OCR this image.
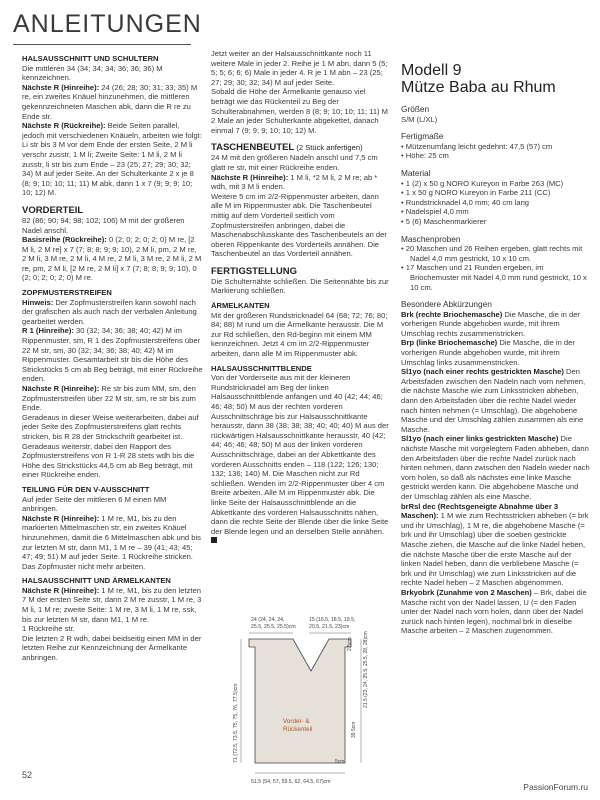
ANLEITUNGEN
HALSAUSSCHNITT UND SCHULTERN
Die mittleren 34 (34; 34; 34; 36; 36; 36) M kennzeichnen.
Nächste R (Hinreihe): 24 (26; 28; 30; 31; 33; 35) M re, ein zweites Knäuel hinzunehmen, die mittleren gekennzeichneten Maschen abk, dann die R re zu Ende str.
Nächste R (Rückreihe): Beide Seiten parallel, jedoch mit verschiedenen Knäueln, arbeiten wie folgt: Li str bis 3 M vor dem Ende der ersten Seite, 2 M li verschr zusstr, 1 M li; Zweite Seite: 1 M li, 2 M li zusstr, li str bis zum Ende – 23 (25; 27; 29; 30; 32; 34) M auf jeder Seite. An der Schulterkante 2 x je 8 (8; 9; 10; 10; 11; 11) M abk, dann 1 x 7 (9; 9; 9; 10; 10; 12) M.
VORDERTEIL
82 (86; 90; 94; 98; 102; 106) M mit der größeren Nadel anschl.
Basisreihe (Rückreihe): 0 (2; 0; 2; 0; 2; 0) M re, [2 M li, 2 M re] x 7 (7; 8; 8; 9; 9; 10), 2 M li, pm, 2 M re, 2 M li, 3 M re, 2 M li, 4 M re, 2 M li, 3 M re, 2 M li, 2 M re, pm, 2 M li, [2 M re, 2 M li] x 7 (7; 8; 8; 9; 9; 10), 0 (2; 0; 2; 0; 2; 0) M re.
ZOPFMUSTERSTREIFEN
Hinweis: Der Zopfmusterstreifen kann sowohl nach der grafischen als auch nach der verbalen Anleitung gearbeitet werden.
R 1 (Hinreihe): 30 (32; 34; 36; 38; 40; 42) M im Rippenmuster, sm, R 1 des Zopfmusterstreifens über 22 M str, sm, 30 (32; 34; 36; 38; 40; 42) M im Rippenmuster. Gesamtarbeit str bis die Höhe des Strickstücks 5 cm ab Beg beträgt, mit einer Rückreihe enden.
Nächste R (Hinreihe): Re str bis zum MM, sm, den Zopfmusterstreifen über 22 M str, sm, re str bis zum Ende.
Geradeaus in dieser Weise weiterarbeiten, dabei auf jeder Seite des Zopfmusterstreifens glatt rechts stricken, bis R 28 der Strickschrift gearbeitet ist. Geradeaus weiterstr, dabei den Rapport des Zopfmusterstreifens von R 1-R 28 stets wdh bis die Höhe des Strickstücks 44,5 cm ab Beg beträgt, mit einer Rückreihe enden.
TEILUNG FÜR DEN V-AUSSCHNITT
Auf jeder Seite der mittleren 6 M einen MM anbringen.
Nächste R (Hinreihe): 1 M re, M1, bis zu den markierten Mittelmaschen str, ein zweites Knäuel hinzunehmen, damit die 6 Mittelmaschen abk und bis zur letzten M str, dann M1, 1 M re – 39 (41; 43; 45; 47; 49; 51) M auf jeder Seite. 1 Rückreihe stricken. Das Zopfmuster nicht mehr arbeiten.
HALSAUSSCHNITT UND ÄRMELKANTEN
Nächste R (Hinreihe): 1 M re, M1, bis zu den letzten 7 M der ersten Seite str, dann 2 M re zusstr, 1 M re, 3 M li, 1 M re; zweite Seite: 1 M re, 3 M li, 1 M re, ssk, bis zur letzten M str, dann M1, 1 M re.
1 Rückreihe str.
Die letzten 2 R wdh, dabei beidseitig einen MM in der letzten Reihe zur Kennzeichnung der Ärmelkante anbringen.
Jetzt weiter an der Halsausschnittkante noch 11 weitere Male in jeder 2. Reihe je 1 M abn, dann 5 (5; 5; 5; 6; 6; 6) Male in jeder 4. R je 1 M abn – 23 (25; 27; 29; 30; 32; 34) M auf jeder Seite.
Sobald die Höhe der Ärmelkante genauso viel beträgt wie das Rückenteil zu Beg der Schulterabnahmen, werden 8 (8; 9; 10; 10; 11; 11) M 2 Male an jeder Schulterkante abgekettet, danach einmal 7 (9; 9; 9; 10; 10; 12) M.
TASCHENBEUTEL (2 Stück anfertigen)
24 M mit den größeren Nadeln anschl und 7,5 cm glatt re str, mit einer Rückreihe enden.
Nächste R (Hinreihe): 1 M li, *2 M li, 2 M re; ab * wdh, mit 3 M li enden.
Weitere 5 cm im 2/2-Rippenmuster arbeiten, dann alle M im Rippenmuster abk. Die Taschenbeutel mittig auf dem Vorderteil seitlich vom Zopfmusterstreifen anbringen, dabei die Maschenabschlusskante des Taschenbeutels an der oberen Rippenkante des Vorderteils annähen. Die Taschenbeutel an das Vorderteil annähen.
FERTIGSTELLUNG
Die Schulternähte schließen. Die Seitennähte bis zur Markierung schließen.
ÄRMELKANTEN
Mit der größeren Rundstricknadel 64 (68; 72; 76; 80; 84; 88) M rund um die Ärmelkante herausstr. Die M zur Rd schließen, den Rd-beginn mit einem MM kennzeichnen. Jetzt 4 cm im 2/2-Rippenmuster arbeiten, dann alle M im Rippenmuster abk.
HALSAUSSCHNITTBLENDE
Von der Vorderseite aus mit der kleineren Rundstricknadel am Beg der linken Halsausschnittblende anfangen und 40 (42; 44; 46; 46; 48; 50) M aus der rechten vorderen Ausschnittschräge bis zur Halsausschnittkante herausstr, dann 38 (38; 38; 38; 40; 40; 40) M aus der rückwärtigen Halsausschnittkante herausstr, 40 (42; 44; 46; 46; 48; 50) M aus der linken vorderen Ausschnittschräge, dabei an der Abkettkante des vorderen Ausschnitts enden – 118 (122; 126; 130; 132; 136; 140) M. Die Maschen nicht zur Rd schließen. Wenden im 2/2-Rippenmuster über 4 cm Breite arbeiten. Alle M im Rippenmuster abk. Die linke Seite der Halsausschnittblende an die Abkettkante des vorderen Halsausschnitts nähen, dann die rechte Seite der Blende über die linke Seite der Blende legen und an derselben Stelle annähen.
Modell 9
Mütze Baba au Rhum
Größen
S/M (L/XL)
Fertigmaße
• Mützenumfang leicht gedehnt: 47,5 (57) cm
• Höhe: 25 cm
Material
• 1 (2) x 50 g NORO Kureyon in Farbe 263 (MC)
• 1 x 50 g NORO Kureyon in Farbe 211 (CC)
• Rundstricknadel 4,0 mm; 40 cm lang
• Nadelspiel 4,0 mm
• 5 (6) Maschenmarkierer
Maschenproben
• 20 Maschen und 26 Reihen ergeben, glatt rechts mit Nadel 4,0 mm gestrickt, 10 x 10 cm.
• 17 Maschen und 21 Runden ergeben, im Briochemuster mit Nadel 4,0 mm rund gestrickt, 10 x 10 cm.
Besondere Abkürzungen
Brk (rechte Briochemasche) Die Masche, die in der vorherigen Runde abgehoben wurde, mit ihrem Umschlag rechts zusammenstricken.
Brp (linke Briochemasche) Die Masche, die in der vorherigen Runde abgehoben wurde, mit ihrem Umschlag links zusammenstricken.
Sl1yo (nach einer rechts gestrickten Masche) Den Arbeitsfaden zwischen den Nadeln nach vorn nehmen, die nächste Masche wie zum Linksstricken abheben, dann den Arbeitsfaden über die rechte Nadel wieder nach hinten nehmen (= Umschlag). Die abgehobene Masche und der Umschlag zählen zusammen als eine Masche.
Sl1yo (nach einer links gestrickten Masche) Die nächste Masche mit vorgelegtem Faden abheben, dann den Arbeitsfaden über die rechte Nadel zurück nach hinten nehmen, dann zwischen den Nadeln wieder nach vorn holen, so daß als nächstes eine linke Masche gestrickt werden kann. Die abgehobene Masche und der Umschlag zählen als eine Masche.
brRsl dec (Rechtsgeneigte Abnahme über 3 Maschen): 1 M wie zum Rechtsstricken abheben (= brk und ihr Umschlag), 1 M re, die abgehobene Masche (= brk und ihr Umschlag) über die soeben gestrickte Masche ziehen, die Masche auf die linke Nadel heben, die nächste Masche über die erste Masche auf der linken Nadel heben, dann die verbliebene Masche (= brk und ihr Umschlag) wie zum Linksstricken auf die rechte Nadel heben – 2 Maschen abgenommen.
Brkyobrk (Zunahme von 2 Maschen) – Brk, dabei die Masche nicht von der Nadel lassen, U (= den Faden unter der Nadel nach vorn holen, dann über der Nadel zurück nach hinten legen), nochmal brk in dieselbe Masche arbeiten – 2 Maschen zugenommen.
24 (24, 24, 24,
25.5, 25.5, 25.5)cm
15 (16.5, 18.5, 19.5,
20.5, 21.5, 23)cm
Vorder- &
Rückenteil
2.5cm 21.5 (23, 24, 25.5, 25.5, 28, 28)cm
39.5cm
5cm
71 (72.5, 73.5, 75, 75, 76, 77.5)cm
51.5 (54, 57, 59.5, 62, 64.5, 67)cm
52
PassionForum.ru
